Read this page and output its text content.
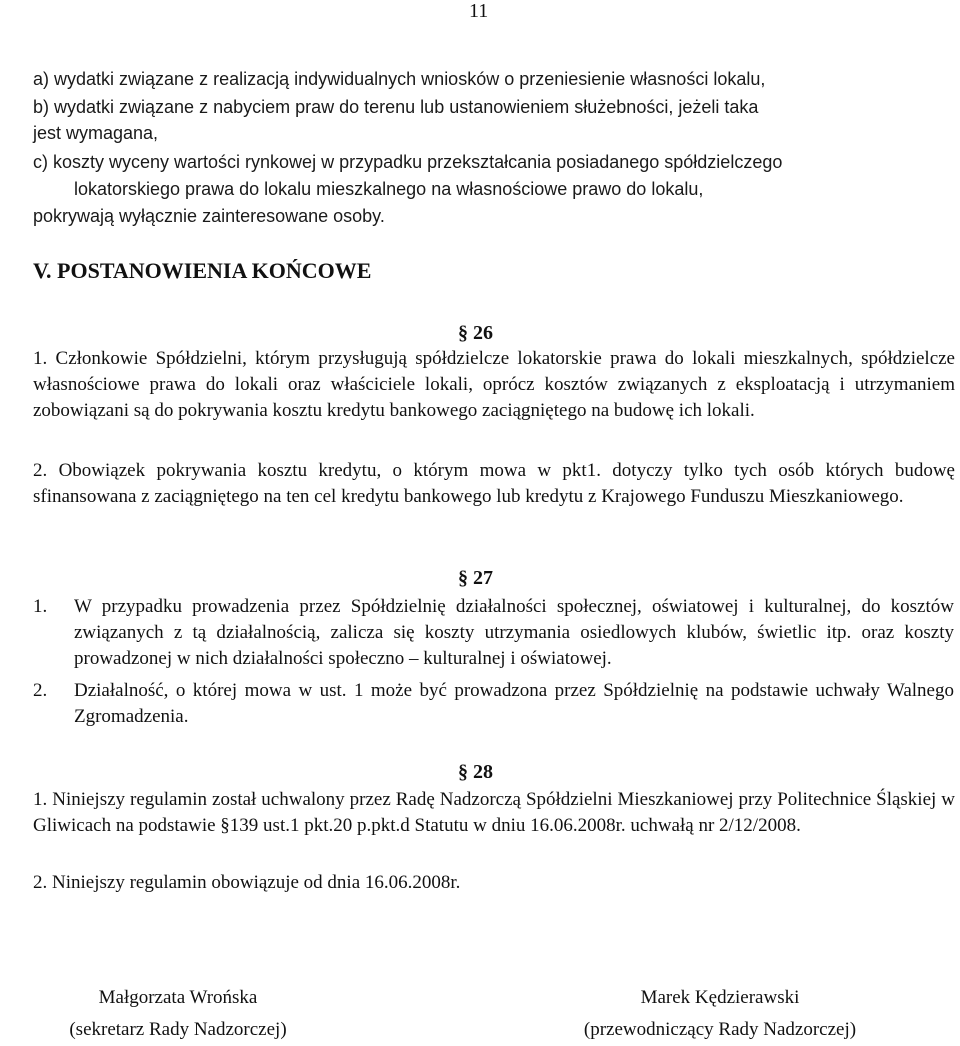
11

a) wydatki związane z realizacją indywidualnych wniosków o przeniesienie własności lokalu,

b) wydatki związane z nabyciem praw do terenu lub ustanowieniem służebności, jeżeli taka

jest wymagana,

c) koszty wyceny wartości rynkowej w przypadku przekształcania posiadanego spółdzielczego

lokatorskiego prawa do lokalu mieszkalnego na własnościowe prawo do lokalu,

pokrywają wyłącznie zainteresowane osoby.

V. POSTANOWIENIA KOŃCOWE
§ 26

1. Członkowie Spółdzielni, którym przysługują spółdzielcze lokatorskie prawa do lokali mieszkalnych, spółdzielcze własnościowe prawa do lokali oraz właściciele lokali, oprócz kosztów związanych z eksploatacją i utrzymaniem zobowiązani są do pokrywania kosztu kredytu bankowego zaciągniętego na budowę ich lokali.

2. Obowiązek pokrywania kosztu kredytu, o którym mowa w pkt1. dotyczy tylko tych osób których budowę sfinansowana z zaciągniętego na ten cel kredytu bankowego lub kredytu z Krajowego Funduszu Mieszkaniowego.

§ 27
1.	W przypadku prowadzenia przez Spółdzielnię działalności społecznej, oświatowej i kulturalnej, do kosztów związanych z tą działalnością, zalicza się koszty utrzymania osiedlowych klubów, świetlic itp. oraz koszty prowadzonej w nich działalności społeczno – kulturalnej i oświatowej.

2.	Działalność, o której mowa w ust. 1 może być prowadzona przez Spółdzielnię na podstawie uchwały Walnego Zgromadzenia.

§ 28

1. Niniejszy regulamin został uchwalony przez Radę Nadzorczą Spółdzielni Mieszkaniowej przy Politechnice Śląskiej w Gliwicach na podstawie §139 ust.1 pkt.20 p.pkt.d Statutu w dniu 16.06.2008r. uchwałą nr 2/12/2008.

2. Niniejszy regulamin obowiązuje od dnia 16.06.2008r.

Małgorzata Wrońska
(sekretarz Rady Nadzorczej)
Marek Kędzierawski
(przewodniczący Rady Nadzorczej)
